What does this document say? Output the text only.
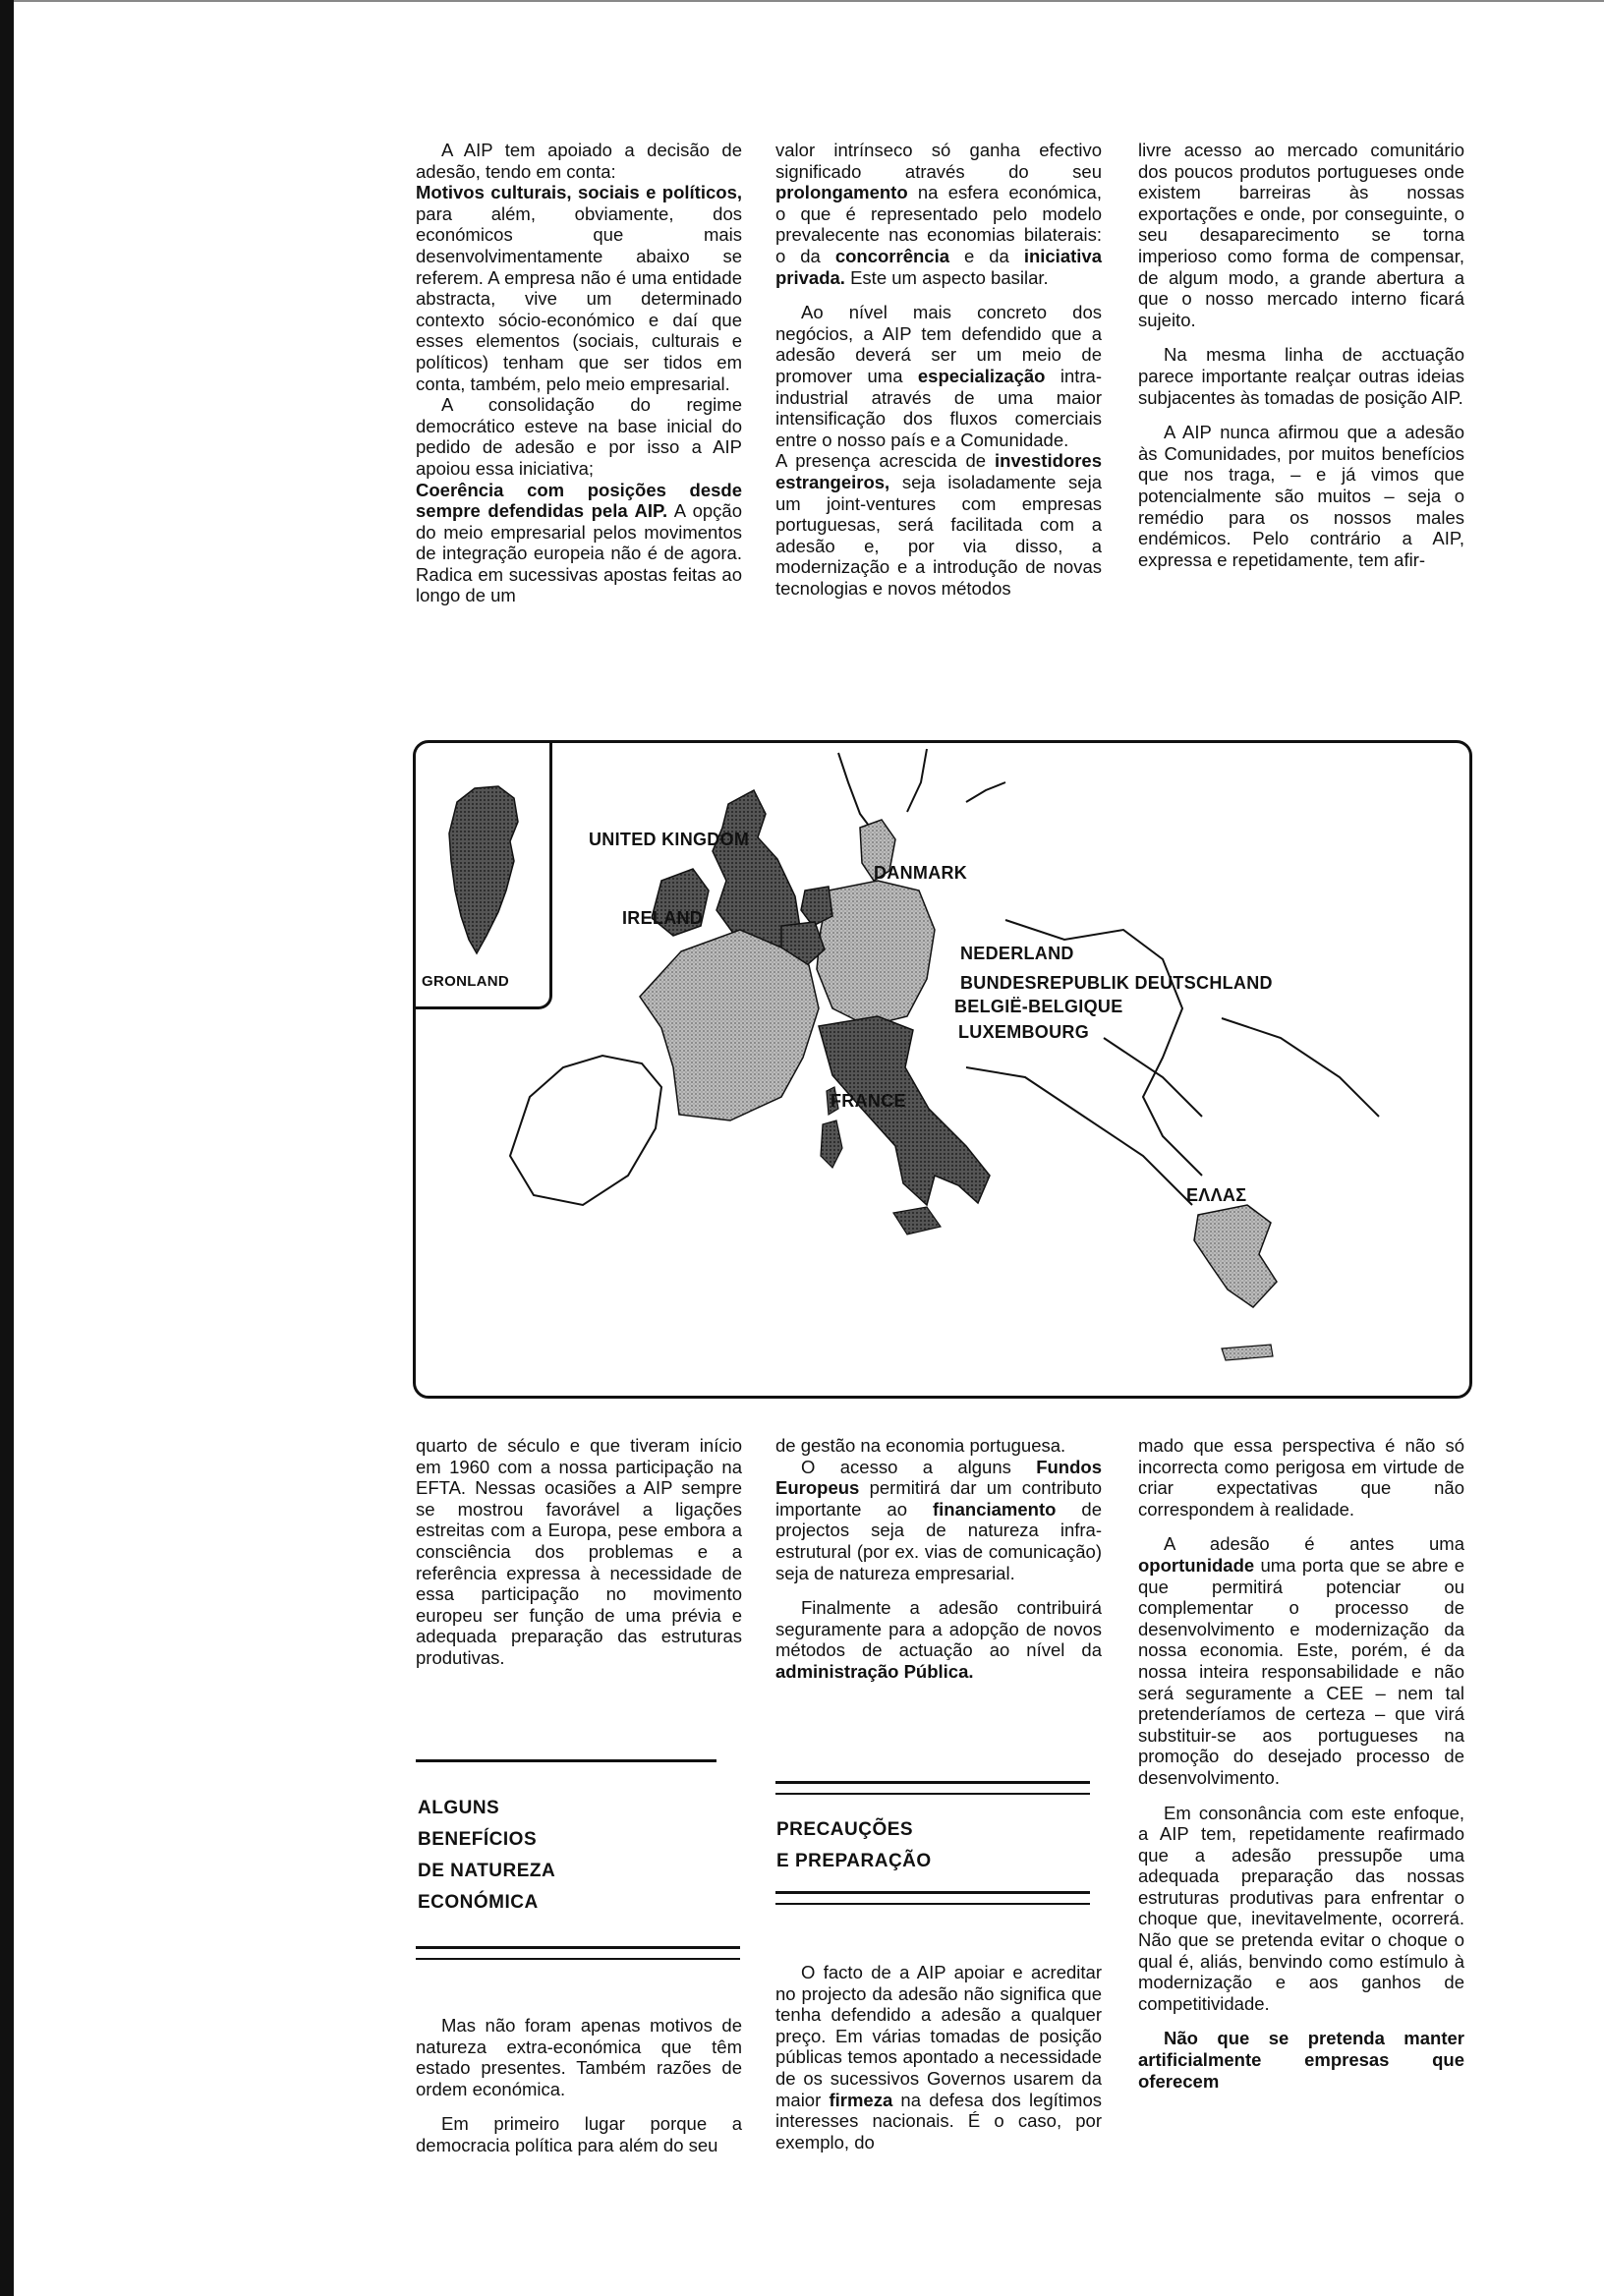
A AIP tem apoiado a decisão de adesão, tendo em conta:

Motivos culturais, sociais e políticos, para além, obviamente, dos económicos que mais desenvolvimentamente abaixo se referem. A empresa não é uma entidade abstracta, vive um determinado contexto sócio-económico e daí que esses elementos (sociais, culturais e políticos) tenham que ser tidos em conta, também, pelo meio empresarial.

A consolidação do regime democrático esteve na base inicial do pedido de adesão e por isso a AIP apoiou essa iniciativa;

Coerência com posições desde sempre defendidas pela AIP. A opção do meio empresarial pelos movimentos de integração europeia não é de agora. Radica em sucessivas apostas feitas ao longo de um

valor intrínseco só ganha efectivo significado através do seu prolongamento na esfera económica, o que é representado pelo modelo prevalecente nas economias bilaterais: o da concorrência e da iniciativa privada. Este um aspecto basilar.

Ao nível mais concreto dos negócios, a AIP tem defendido que a adesão deverá ser um meio de promover uma especialização intra-industrial através de uma maior intensificação dos fluxos comerciais entre o nosso país e a Comunidade.

A presença acrescida de investidores estrangeiros, seja isoladamente seja um joint-ventures com empresas portuguesas, será facilitada com a adesão e, por via disso, a modernização e a introdução de novas tecnologias e novos métodos

livre acesso ao mercado comunitário dos poucos produtos portugueses onde existem barreiras às nossas exportações e onde, por conseguinte, o seu desaparecimento se torna imperioso como forma de compensar, de algum modo, a grande abertura a que o nosso mercado interno ficará sujeito.

Na mesma linha de acctuação parece importante realçar outras ideias subjacentes às tomadas de posição AIP.

A AIP nunca afirmou que a adesão às Comunidades, por muitos benefícios que nos traga, – e já vimos que potencialmente são muitos – seja o remédio para os nossos males endémicos. Pelo contrário a AIP, expressa e repetidamente, tem afir-

GRONLAND
UNITED KINGDOM
IRELAND
DANMARK
NEDERLAND
BUNDESREPUBLIK DEUTSCHLAND
BELGIË-BELGIQUE
LUXEMBOURG
FRANCE
ΕΛΛΑΣ

quarto de século e que tiveram início em 1960 com a nossa participação na EFTA. Nessas ocasiões a AIP sempre se mostrou favorável a ligações estreitas com a Europa, pese embora a consciência dos problemas e a referência expressa à necessidade de essa participação no movimento europeu ser função de uma prévia e adequada preparação das estruturas produtivas.

ALGUNS
BENEFÍCIOS
DE NATUREZA
ECONÓMICA

Mas não foram apenas motivos de natureza extra-económica que têm estado presentes. Também razões de ordem económica.

Em primeiro lugar porque a democracia política para além do seu

de gestão na economia portuguesa.

O acesso a alguns Fundos Europeus permitirá dar um contributo importante ao financiamento de projectos seja de natureza infra-estrutural (por ex. vias de comunicação) seja de natureza empresarial.

Finalmente a adesão contribuirá seguramente para a adopção de novos métodos de actuação ao nível da administração Pública.

PRECAUÇÕES
E PREPARAÇÃO

O facto de a AIP apoiar e acreditar no projecto da adesão não significa que tenha defendido a adesão a qualquer preço. Em várias tomadas de posição públicas temos apontado a necessidade de os sucessivos Governos usarem da maior firmeza na defesa dos legítimos interesses nacionais. É o caso, por exemplo, do

mado que essa perspectiva é não só incorrecta como perigosa em virtude de criar expectativas que não correspondem à realidade.

A adesão é antes uma oportunidade uma porta que se abre e que permitirá potenciar ou complementar o processo de desenvolvimento e modernização da nossa economia. Este, porém, é da nossa inteira responsabilidade e não será seguramente a CEE – nem tal pretenderíamos de certeza – que virá substituir-se aos portugueses na promoção do desejado processo de desenvolvimento.

Em consonância com este enfoque, a AIP tem, repetidamente reafirmado que a adesão pressupõe uma adequada preparação das nossas estruturas produtivas para enfrentar o choque que, inevitavelmente, ocorrerá. Não que se pretenda evitar o choque o qual é, aliás, benvindo como estímulo à modernização e aos ganhos de competitividade.

Não que se pretenda manter artificialmente empresas que oferecem
